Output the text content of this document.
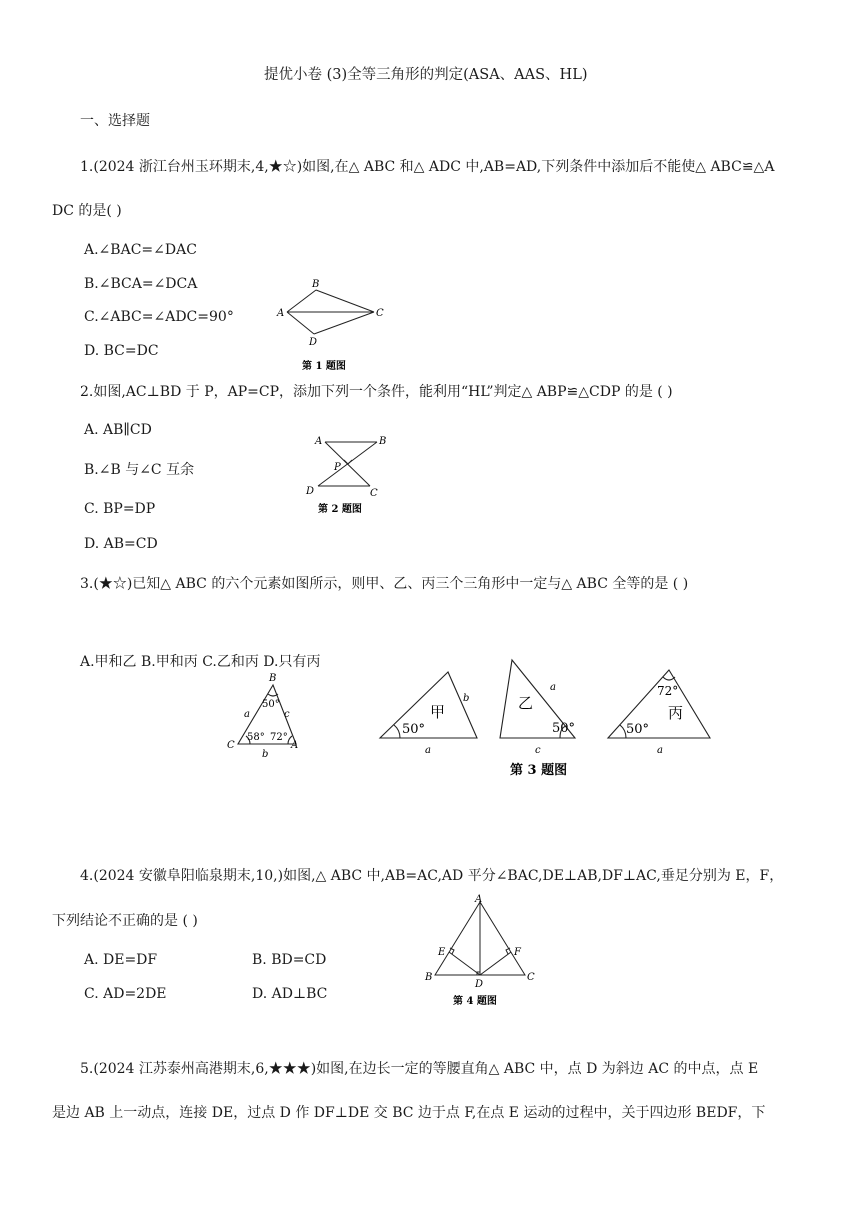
提优小卷 (3)全等三角形的判定(ASA、AAS、HL)
一、选择题
1.(2024 浙江台州玉环期末,4,★☆)如图,在△ ABC 和△ ADC 中,AB=AD,下列条件中添加后不能使△ ABC≌△A
DC 的是( )
A.∠BAC=∠DAC
B.∠BCA=∠DCA
C.∠ABC=∠ADC=90°
D. BC=DC
A
B
C
D
第 1 题图
2.如图,AC⊥BD 于 P，AP=CP，添加下列一个条件，能利用“HL”判定△ ABP≌△CDP 的是 ( )
A. AB∥CD
B.∠B 与∠C 互余
C. BP=DP
D. AB=CD
A	B
P
D	C
第 2 题图
3.(★☆)已知△ ABC 的六个元素如图所示，则甲、乙、丙三个三角形中一定与△ ABC 全等的是 ( )
A.甲和乙 B.甲和丙 C.乙和丙 D.只有丙
B
C	A
a	c
b
50°
58° 72°
甲
50°
b
a
乙
50°
a
c
72°
丙
50°
a
第 3 题图
4.(2024 安徽阜阳临泉期末,10,)如图,△ ABC 中,AB=AC,AD 平分∠BAC,DE⊥AB,DF⊥AC,垂足分别为 E，F，
下列结论不正确的是 ( )
A. DE=DF	B. BD=CD
C. AD=2DE	D. AD⊥BC
A
E	F
B
D
C
第 4 题图
5.(2024 江苏泰州高港期末,6,★★★)如图,在边长一定的等腰直角△ ABC 中，点 D 为斜边 AC 的中点，点 E
是边 AB 上一动点，连接 DE，过点 D 作 DF⊥DE 交 BC 边于点 F,在点 E 运动的过程中，关于四边形 BEDF，下
